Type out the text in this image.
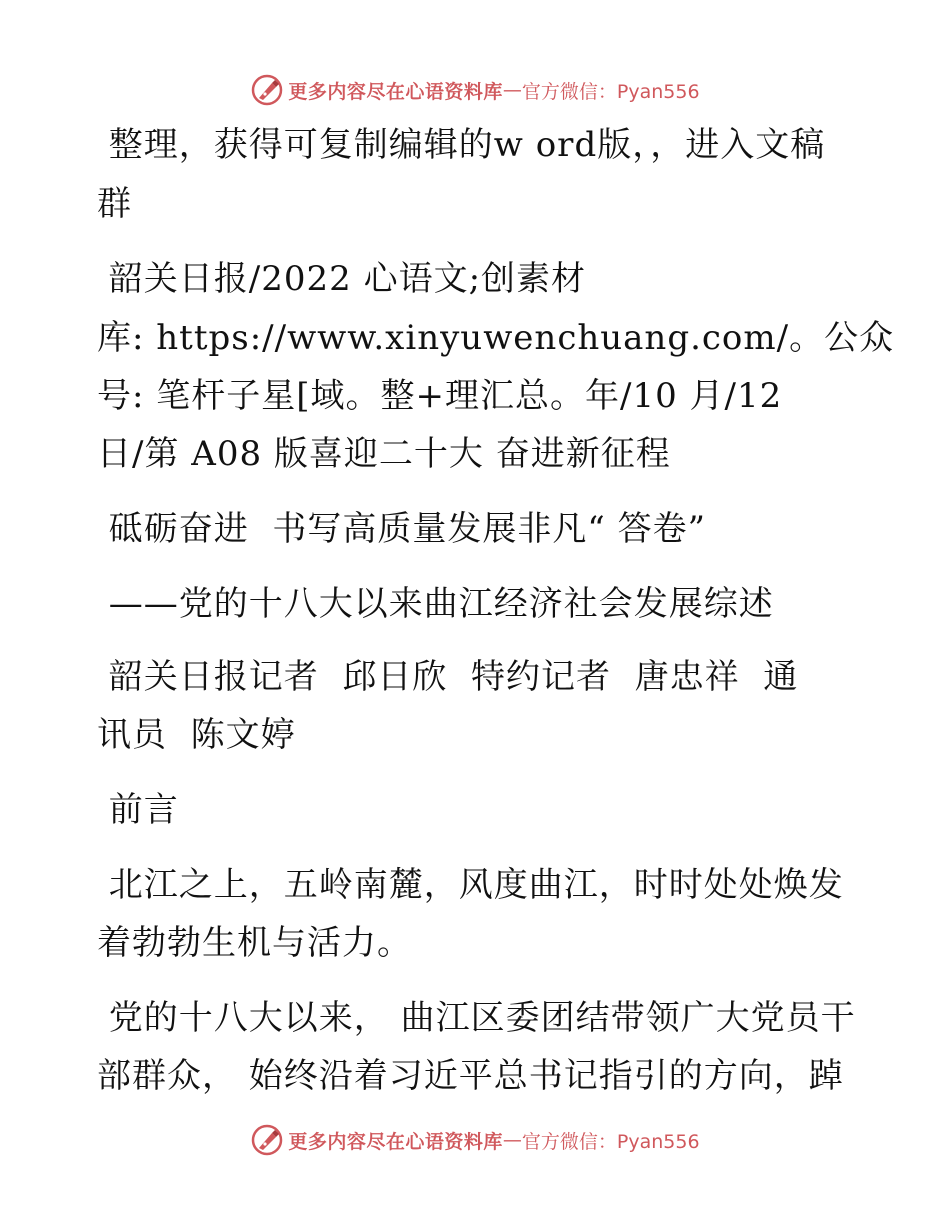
更多内容尽在心语资料库 — 官方微信：Pyan556
整理，获得可复制编辑的w ord版，，进入文稿
群
韶关日报/2022 心语文;创素材
库: https://www.xinyuwenchuang.com/。公众
号: 笔杆子星[域。整+理汇总。年/10 月/12
日/第 A08 版喜迎二十大 奋进新征程
砥砺奋进  书写高质量发展非凡“ 答卷”
——党的十八大以来曲江经济社会发展综述
韶关日报记者  邱日欣  特约记者  唐忠祥  通
讯员  陈文婷
前言
北江之上，五岭南麓，风度曲江，时时处处焕发
着勃勃生机与活力。
党的十八大以来， 曲江区委团结带领广大党员干
部群众， 始终沿着习近平总书记指引的方向，踔
更多内容尽在心语资料库 — 官方微信：Pyan556
